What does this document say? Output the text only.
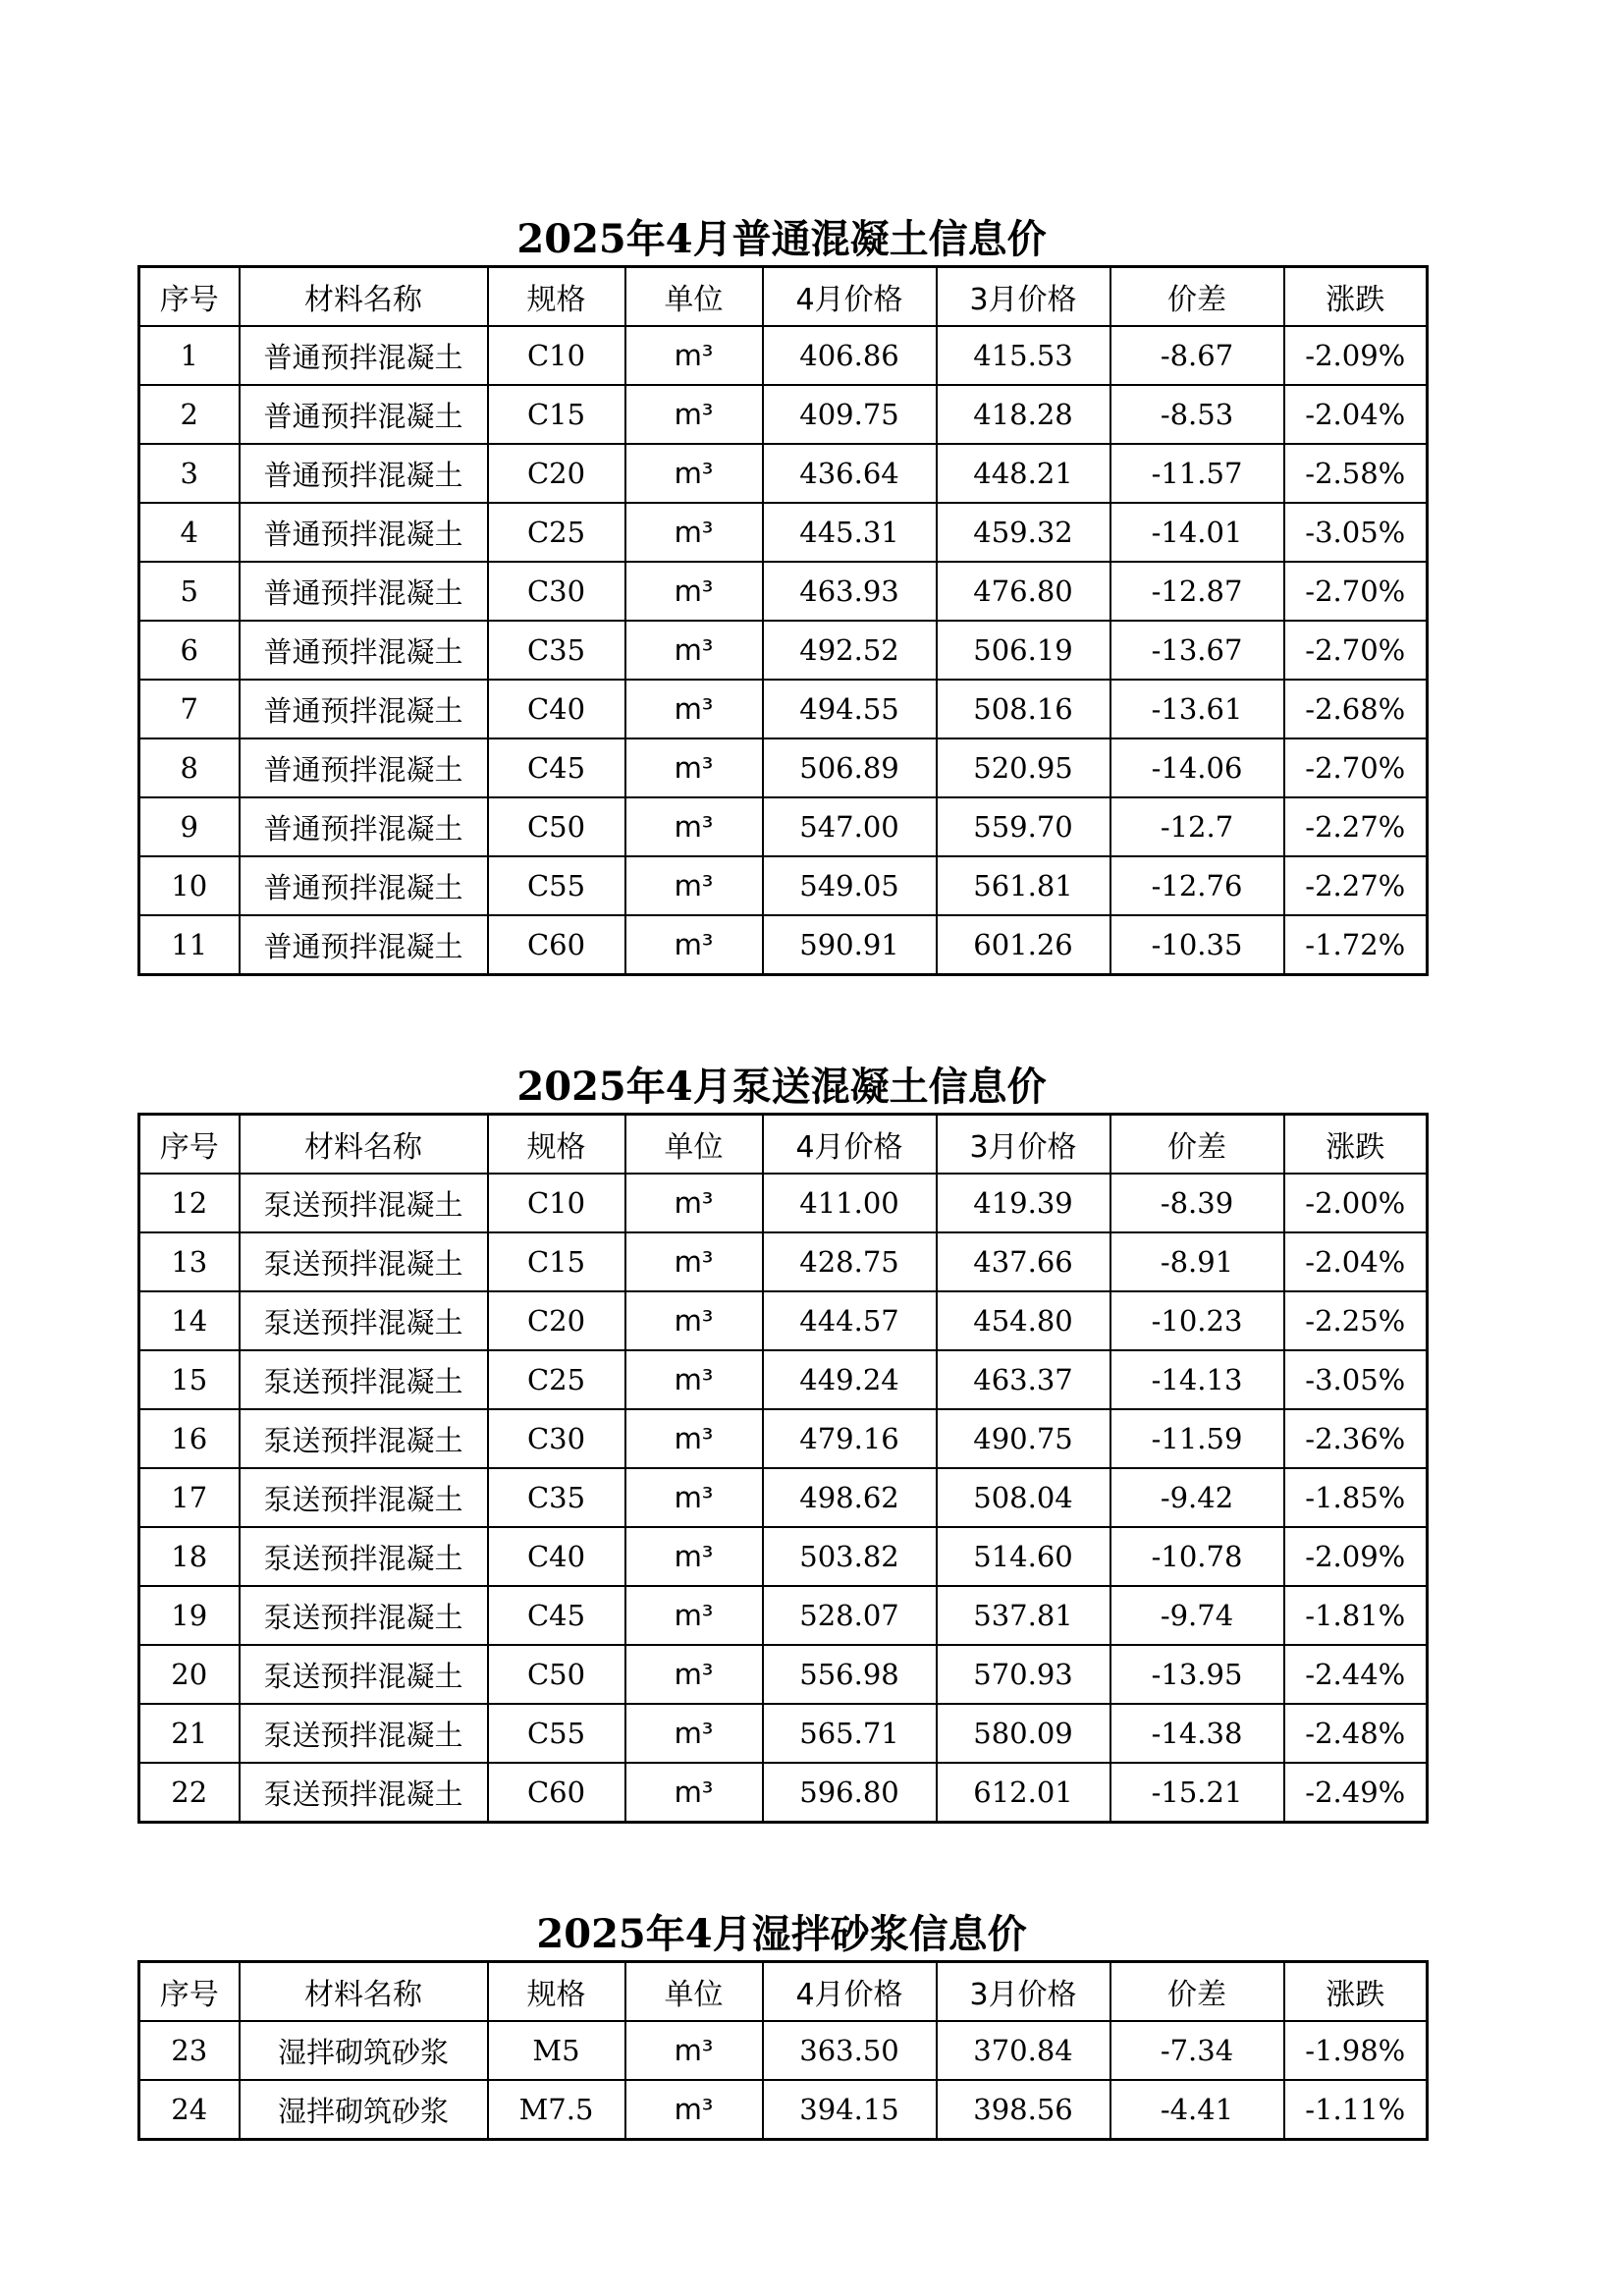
2025年4月普通混凝土信息价
序号	材料名称	规格	单位	4月价格	3月价格	价差	涨跌
1	普通预拌混凝土	C10	m³	406.86	415.53	-8.67	-2.09%
2	普通预拌混凝土	C15	m³	409.75	418.28	-8.53	-2.04%
3	普通预拌混凝土	C20	m³	436.64	448.21	-11.57	-2.58%
4	普通预拌混凝土	C25	m³	445.31	459.32	-14.01	-3.05%
5	普通预拌混凝土	C30	m³	463.93	476.80	-12.87	-2.70%
6	普通预拌混凝土	C35	m³	492.52	506.19	-13.67	-2.70%
7	普通预拌混凝土	C40	m³	494.55	508.16	-13.61	-2.68%
8	普通预拌混凝土	C45	m³	506.89	520.95	-14.06	-2.70%
9	普通预拌混凝土	C50	m³	547.00	559.70	-12.7	-2.27%
10	普通预拌混凝土	C55	m³	549.05	561.81	-12.76	-2.27%
11	普通预拌混凝土	C60	m³	590.91	601.26	-10.35	-1.72%
2025年4月泵送混凝土信息价
序号	材料名称	规格	单位	4月价格	3月价格	价差	涨跌
12	泵送预拌混凝土	C10	m³	411.00	419.39	-8.39	-2.00%
13	泵送预拌混凝土	C15	m³	428.75	437.66	-8.91	-2.04%
14	泵送预拌混凝土	C20	m³	444.57	454.80	-10.23	-2.25%
15	泵送预拌混凝土	C25	m³	449.24	463.37	-14.13	-3.05%
16	泵送预拌混凝土	C30	m³	479.16	490.75	-11.59	-2.36%
17	泵送预拌混凝土	C35	m³	498.62	508.04	-9.42	-1.85%
18	泵送预拌混凝土	C40	m³	503.82	514.60	-10.78	-2.09%
19	泵送预拌混凝土	C45	m³	528.07	537.81	-9.74	-1.81%
20	泵送预拌混凝土	C50	m³	556.98	570.93	-13.95	-2.44%
21	泵送预拌混凝土	C55	m³	565.71	580.09	-14.38	-2.48%
22	泵送预拌混凝土	C60	m³	596.80	612.01	-15.21	-2.49%
2025年4月湿拌砂浆信息价
序号	材料名称	规格	单位	4月价格	3月价格	价差	涨跌
23	湿拌砌筑砂浆	M5	m³	363.50	370.84	-7.34	-1.98%
24	湿拌砌筑砂浆	M7.5	m³	394.15	398.56	-4.41	-1.11%
